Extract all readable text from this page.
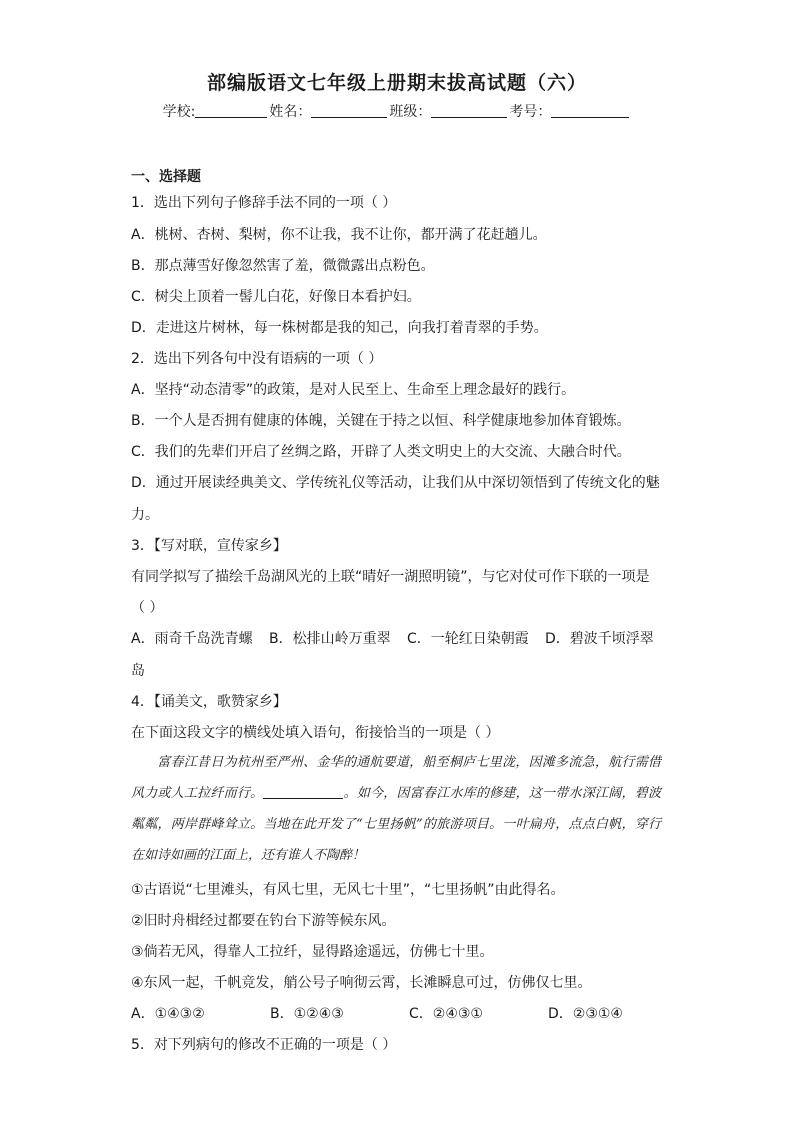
部编版语文七年级上册期末拔高试题（六）
学校:	姓名：	班级：	考号：
一、选择题
1．选出下列句子修辞手法不同的一项（ ）
A．桃树、杏树、梨树，你不让我，我不让你，都开满了花赶趟儿。
B．那点薄雪好像忽然害了羞，微微露出点粉色。
C．树尖上顶着一髻儿白花，好像日本看护妇。
D．走进这片树林，每一株树都是我的知己，向我打着青翠的手势。
2．选出下列各句中没有语病的一项（ ）
A．坚持“动态清零”的政策，是对人民至上、生命至上理念最好的践行。
B．一个人是否拥有健康的体魄，关键在于持之以恒、科学健康地参加体育锻炼。
C．我们的先辈们开启了丝绸之路，开辟了人类文明史上的大交流、大融合时代。
D．通过开展读经典美文、学传统礼仪等活动，让我们从中深切领悟到了传统文化的魅
力。
3．【写对联，宣传家乡】
有同学拟写了描绘千岛湖风光的上联“晴好一湖照明镜”，与它对仗可作下联的一项是
（ ）
A．雨奇千岛洗青螺 B．松排山岭万重翠 C．一轮红日染朝霞 D．碧波千顷浮翠
岛
4．【诵美文，歌赞家乡】
在下面这段文字的横线处填入语句，衔接恰当的一项是（ ）
富春江昔日为杭州至严州、金华的通航要道，船至桐庐七里泷，因滩多流急，航行需借风力或人工拉纤而行。	。如今，因富春江水库的修建，这一带水深江阔，碧波粼粼，两岸群峰耸立。当地在此开发了“七里扬帆”的旅游项目。一叶扁舟，点点白帆，穿行在如诗如画的江面上，还有谁人不陶醉！
①古语说“七里滩头，有风七里，无风七十里”，“七里扬帆”由此得名。
②旧时舟楫经过都要在钓台下游等候东风。
③倘若无风，得靠人工拉纤，显得路途遥远，仿佛七十里。
④东风一起，千帆竞发，艄公号子响彻云霄，长滩瞬息可过，仿佛仅七里。
A．①④③②	B．①②④③	C．②④③①	D．②③①④
5．对下列病句的修改不正确的一项是（ ）
